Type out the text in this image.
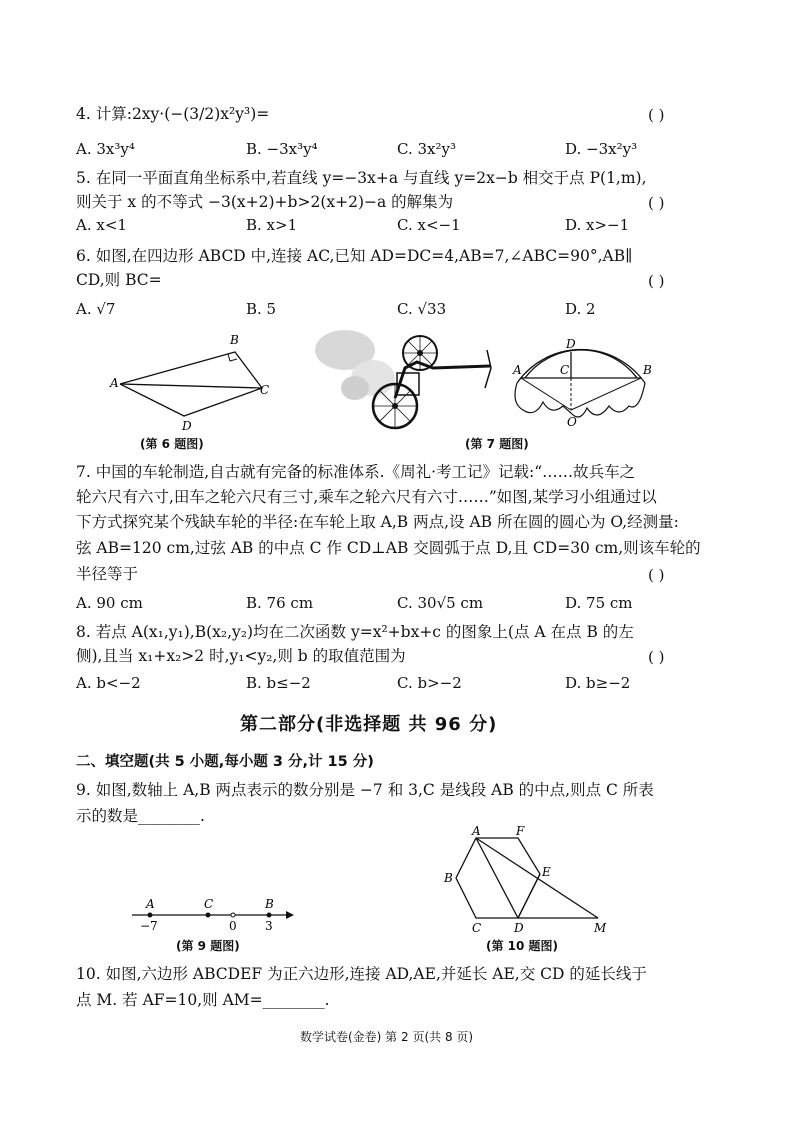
4. 计算:2xy·(−(3/2)x²y³)=	( )
A. 3x³y⁴	B. −3x³y⁴	C. 3x²y³	D. −3x²y³
5. 在同一平面直角坐标系中,若直线 y=−3x+a 与直线 y=2x−b 相交于点 P(1,m),
则关于 x 的不等式 −3(x+2)+b>2(x+2)−a 的解集为	( )
A. x<1	B. x>1	C. x<−1	D. x>−1
6. 如图,在四边形 ABCD 中,连接 AC,已知 AD=DC=4,AB=7,∠ABC=90°,AB∥
CD,则 BC=	( )
A. √7	B. 5	C. √33	D. 2
A
B
C
D
(第 6 题图)	(第 7 题图)
D
A	B
C
O
7. 中国的车轮制造,自古就有完备的标准体系.《周礼·考工记》记载:“……故兵车之
轮六尺有六寸,田车之轮六尺有三寸,乘车之轮六尺有六寸……”如图,某学习小组通过以
下方式探究某个残缺车轮的半径:在车轮上取 A,B 两点,设 AB 所在圆的圆心为 O,经测量:
弦 AB=120 cm,过弦 AB 的中点 C 作 CD⊥AB 交圆弧于点 D,且 CD=30 cm,则该车轮的
半径等于	( )
A. 90 cm	B. 76 cm	C. 30√5 cm	D. 75 cm
8. 若点 A(x₁,y₁),B(x₂,y₂)均在二次函数 y=x²+bx+c 的图象上(点 A 在点 B 的左
侧),且当 x₁+x₂>2 时,y₁<y₂,则 b 的取值范围为	( )
A. b<−2	B. b≤−2	C. b>−2	D. b≥−2
第二部分(非选择题 共 96 分)
二、填空题(共 5 小题,每小题 3 分,计 15 分)
9. 如图,数轴上 A,B 两点表示的数分别是 −7 和 3,C 是线段 AB 的中点,则点 C 所表
示的数是________.
A	C	B
−7	0 3
(第 9 题图)
A	F
B	E
C	D	M
(第 10 题图)
10. 如图,六边形 ABCDEF 为正六边形,连接 AD,AE,并延长 AE,交 CD 的延长线于
点 M. 若 AF=10,则 AM=________.
数学试卷(金卷) 第 2 页(共 8 页)
